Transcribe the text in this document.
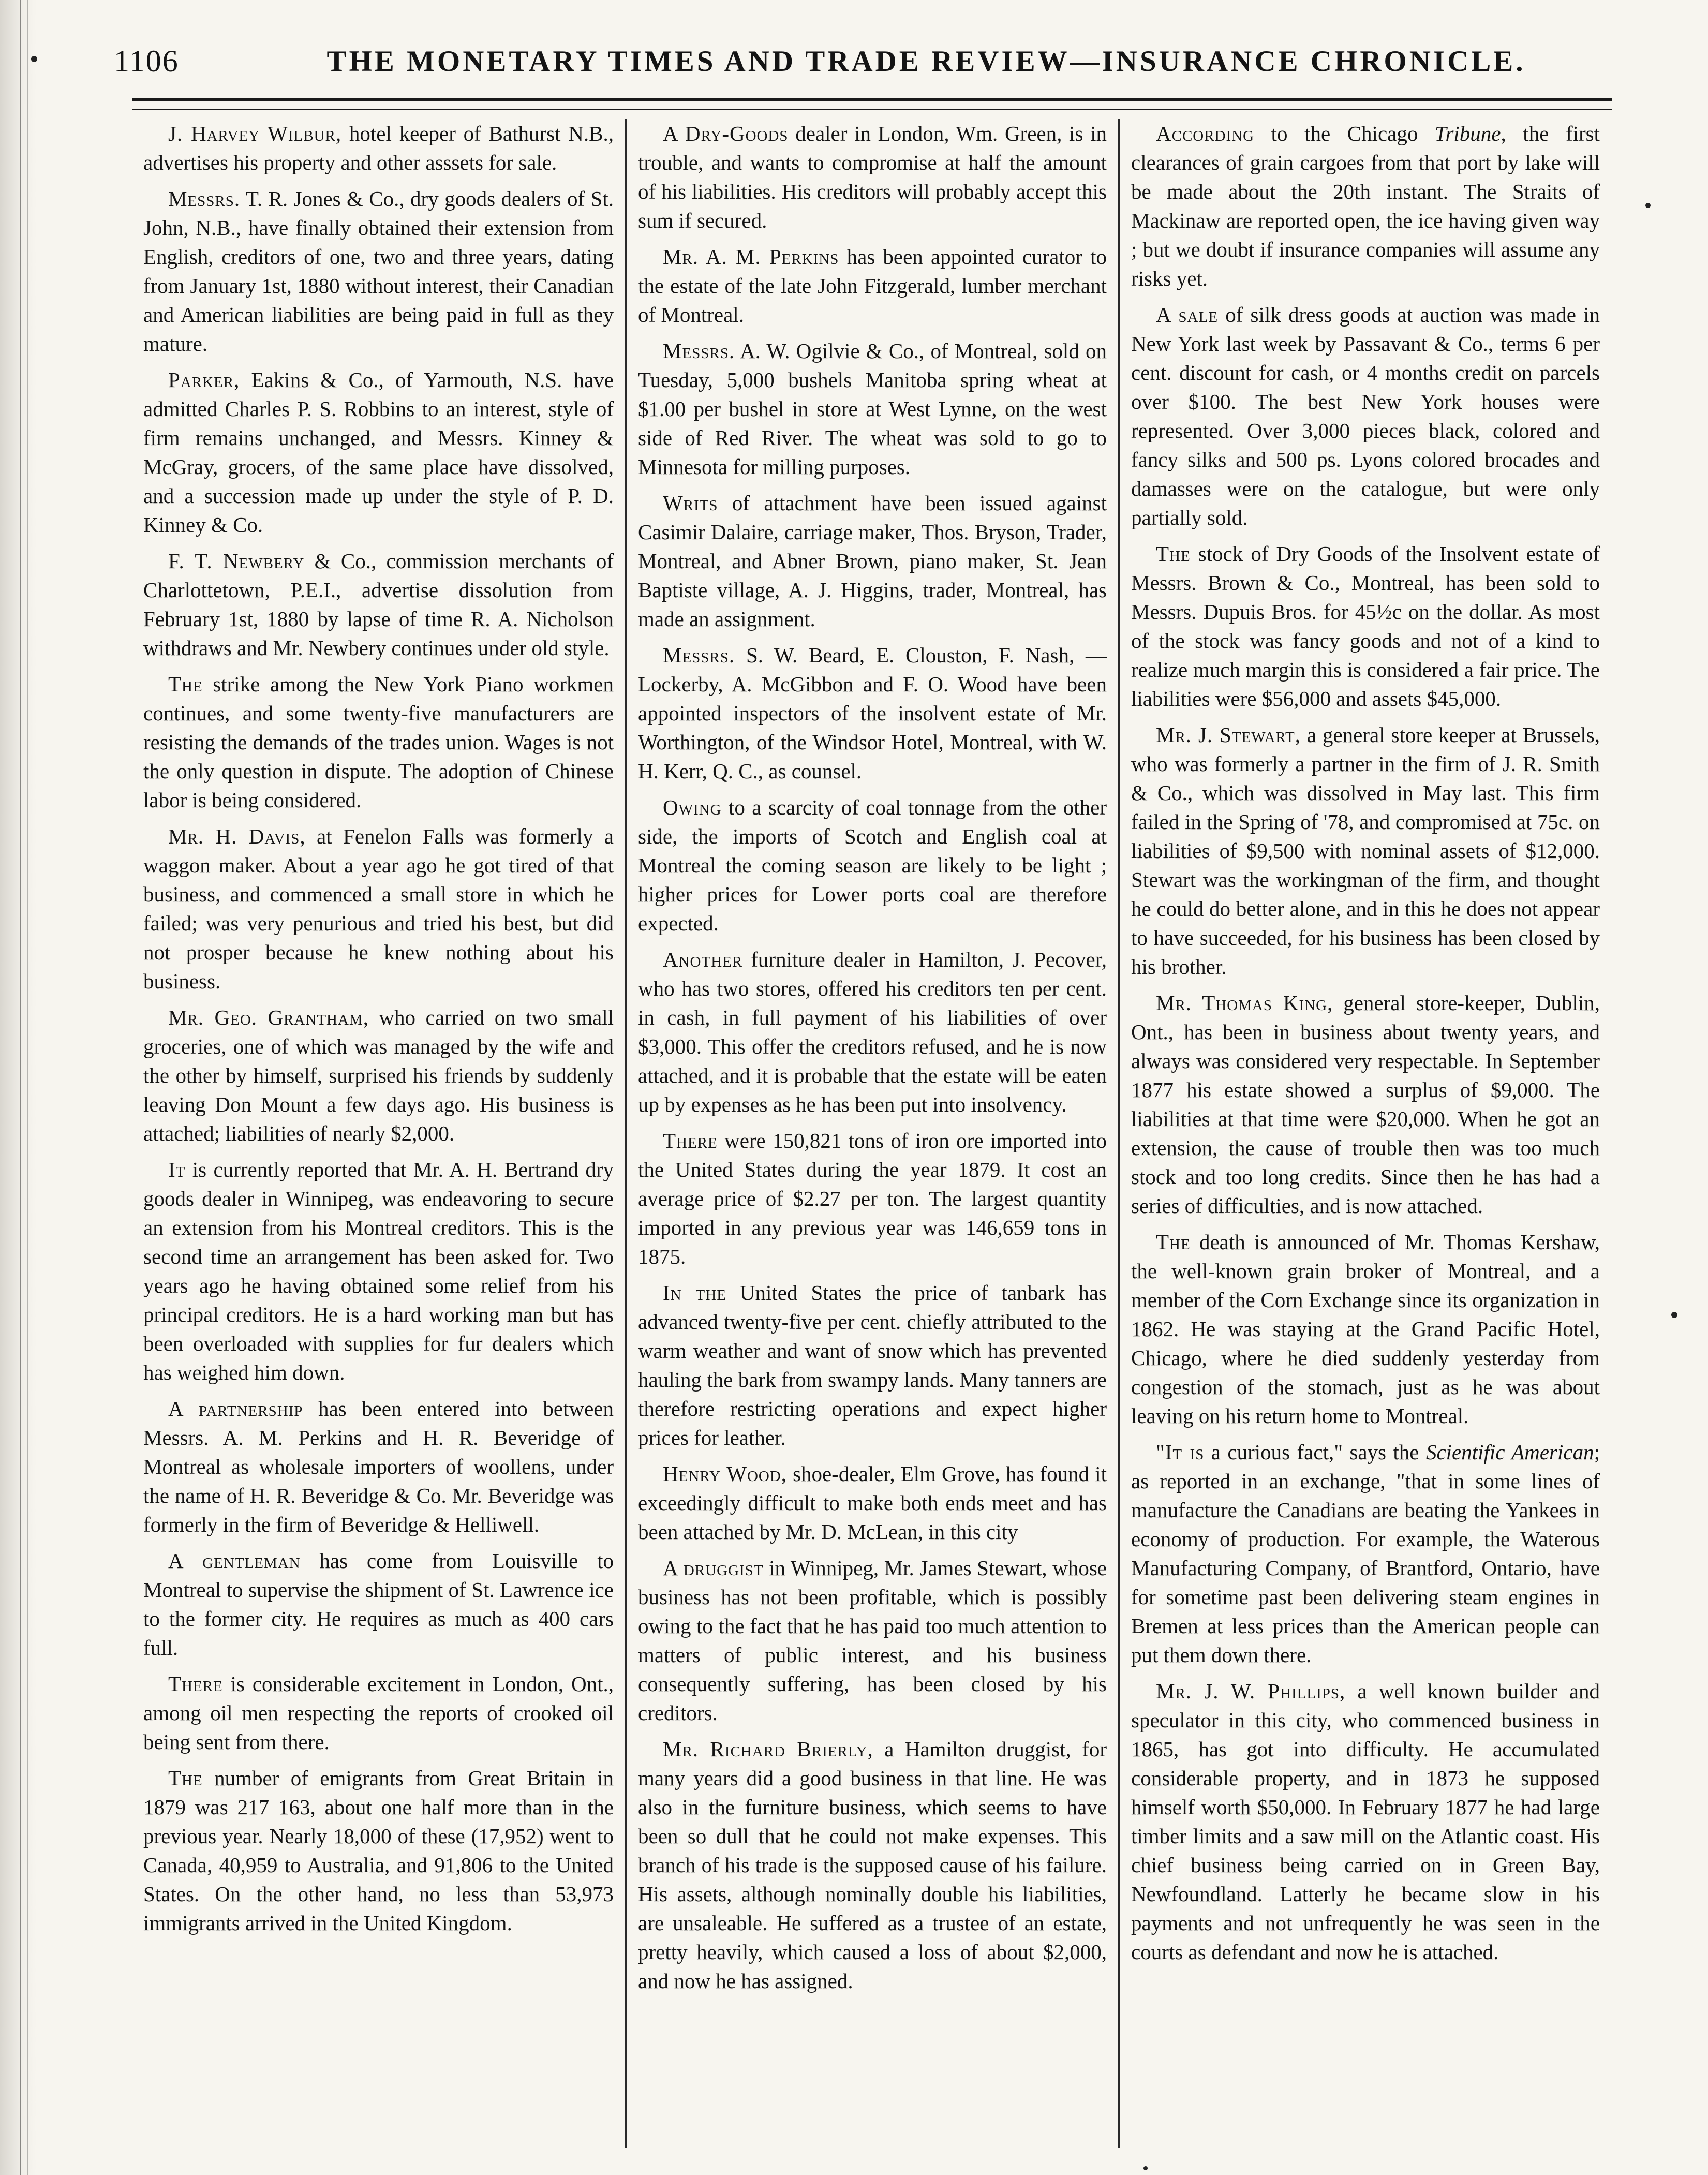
1106	THE MONETARY TIMES AND TRADE REVIEW—INSURANCE CHRONICLE.

J. Harvey Wilbur, hotel keeper of Bathurst N.B., advertises his property and other asssets for sale.

Messrs. T. R. Jones & Co., dry goods dealers of St. John, N.B., have finally obtained their extension from English, creditors of one, two and three years, dating from January 1st, 1880 without interest, their Canadian and American liabilities are being paid in full as they mature.

Parker, Eakins & Co., of Yarmouth, N.S. have admitted Charles P. S. Robbins to an interest, style of firm remains unchanged, and Messrs. Kinney & McGray, grocers, of the same place have dissolved, and a succession made up under the style of P. D. Kinney & Co.

F. T. Newbery & Co., commission merchants of Charlottetown, P.E.I., advertise dissolution from February 1st, 1880 by lapse of time R. A. Nicholson withdraws and Mr. Newbery continues under old style.

The strike among the New York Piano workmen continues, and some twenty-five manufacturers are resisting the demands of the trades union. Wages is not the only question in dispute. The adoption of Chinese labor is being considered.

Mr. H. Davis, at Fenelon Falls was formerly a waggon maker. About a year ago he got tired of that business, and commenced a small store in which he failed; was very penurious and tried his best, but did not prosper because he knew nothing about his business.

Mr. Geo. Grantham, who carried on two small groceries, one of which was managed by the wife and the other by himself, surprised his friends by suddenly leaving Don Mount a few days ago. His business is attached; liabilities of nearly $2,000.

It is currently reported that Mr. A. H. Bertrand dry goods dealer in Winnipeg, was endeavoring to secure an extension from his Montreal creditors. This is the second time an arrangement has been asked for. Two years ago he having obtained some relief from his principal creditors. He is a hard working man but has been overloaded with supplies for fur dealers which has weighed him down.

A partnership has been entered into between Messrs. A. M. Perkins and H. R. Beveridge of Montreal as wholesale importers of woollens, under the name of H. R. Beveridge & Co. Mr. Beveridge was formerly in the firm of Beveridge & Helliwell.

A gentleman has come from Louisville to Montreal to supervise the shipment of St. Lawrence ice to the former city. He requires as much as 400 cars full.

There is considerable excitement in London, Ont., among oil men respecting the reports of crooked oil being sent from there.

The number of emigrants from Great Britain in 1879 was 217 163, about one half more than in the previous year. Nearly 18,000 of these (17,952) went to Canada, 40,959 to Australia, and 91,806 to the United States. On the other hand, no less than 53,973 immigrants arrived in the United Kingdom.

A Dry-Goods dealer in London, Wm. Green, is in trouble, and wants to compromise at half the amount of his liabilities. His creditors will probably accept this sum if secured.

Mr. A. M. Perkins has been appointed curator to the estate of the late John Fitzgerald, lumber merchant of Montreal.

Messrs. A. W. Ogilvie & Co., of Montreal, sold on Tuesday, 5,000 bushels Manitoba spring wheat at $1.00 per bushel in store at West Lynne, on the west side of Red River. The wheat was sold to go to Minnesota for milling purposes.

Writs of attachment have been issued against Casimir Dalaire, carriage maker, Thos. Bryson, Trader, Montreal, and Abner Brown, piano maker, St. Jean Baptiste village, A. J. Higgins, trader, Montreal, has made an assignment.

Messrs. S. W. Beard, E. Clouston, F. Nash, —Lockerby, A. McGibbon and F. O. Wood have been appointed inspectors of the insolvent estate of Mr. Worthington, of the Windsor Hotel, Montreal, with W. H. Kerr, Q. C., as counsel.

Owing to a scarcity of coal tonnage from the other side, the imports of Scotch and English coal at Montreal the coming season are likely to be light ; higher prices for Lower ports coal are therefore expected.

Another furniture dealer in Hamilton, J. Pecover, who has two stores, offered his creditors ten per cent. in cash, in full payment of his liabilities of over $3,000. This offer the creditors refused, and he is now attached, and it is probable that the estate will be eaten up by expenses as he has been put into insolvency.

There were 150,821 tons of iron ore imported into the United States during the year 1879. It cost an average price of $2.27 per ton. The largest quantity imported in any previous year was 146,659 tons in 1875.

In the United States the price of tanbark has advanced twenty-five per cent. chiefly attributed to the warm weather and want of snow which has prevented hauling the bark from swampy lands. Many tanners are therefore restricting operations and expect higher prices for leather.

Henry Wood, shoe-dealer, Elm Grove, has found it exceedingly difficult to make both ends meet and has been attached by Mr. D. McLean, in this city

A druggist in Winnipeg, Mr. James Stewart, whose business has not been profitable, which is possibly owing to the fact that he has paid too much attention to matters of public interest, and his business consequently suffering, has been closed by his creditors.

Mr. Richard Brierly, a Hamilton druggist, for many years did a good business in that line. He was also in the furniture business, which seems to have been so dull that he could not make expenses. This branch of his trade is the supposed cause of his failure. His assets, although nominally double his liabilities, are unsaleable. He suffered as a trustee of an estate, pretty heavily, which caused a loss of about $2,000, and now he has assigned.

According to the Chicago Tribune, the first clearances of grain cargoes from that port by lake will be made about the 20th instant. The Straits of Mackinaw are reported open, the ice having given way ; but we doubt if insurance companies will assume any risks yet.

A sale of silk dress goods at auction was made in New York last week by Passavant & Co., terms 6 per cent. discount for cash, or 4 months credit on parcels over $100. The best New York houses were represented. Over 3,000 pieces black, colored and fancy silks and 500 ps. Lyons colored brocades and damasses were on the catalogue, but were only partially sold.

The stock of Dry Goods of the Insolvent estate of Messrs. Brown & Co., Montreal, has been sold to Messrs. Dupuis Bros. for 45½c on the dollar. As most of the stock was fancy goods and not of a kind to realize much margin this is considered a fair price. The liabilities were $56,000 and assets $45,000.

Mr. J. Stewart, a general store keeper at Brussels, who was formerly a partner in the firm of J. R. Smith & Co., which was dissolved in May last. This firm failed in the Spring of '78, and compromised at 75c. on liabilities of $9,500 with nominal assets of $12,000. Stewart was the workingman of the firm, and thought he could do better alone, and in this he does not appear to have succeeded, for his business has been closed by his brother.

Mr. Thomas King, general store-keeper, Dublin, Ont., has been in business about twenty years, and always was considered very respectable. In September 1877 his estate showed a surplus of $9,000. The liabilities at that time were $20,000. When he got an extension, the cause of trouble then was too much stock and too long credits. Since then he has had a series of difficulties, and is now attached.

The death is announced of Mr. Thomas Kershaw, the well-known grain broker of Montreal, and a member of the Corn Exchange since its organization in 1862. He was staying at the Grand Pacific Hotel, Chicago, where he died suddenly yesterday from congestion of the stomach, just as he was about leaving on his return home to Montreal.

"It is a curious fact," says the Scientific American; as reported in an exchange, "that in some lines of manufacture the Canadians are beating the Yankees in economy of production. For example, the Waterous Manufacturing Company, of Brantford, Ontario, have for sometime past been delivering steam engines in Bremen at less prices than the American people can put them down there.

Mr. J. W. Phillips, a well known builder and speculator in this city, who commenced business in 1865, has got into difficulty. He accumulated considerable property, and in 1873 he supposed himself worth $50,000. In February 1877 he had large timber limits and a saw mill on the Atlantic coast. His chief business being carried on in Green Bay, Newfoundland. Latterly he became slow in his payments and not unfrequently he was seen in the courts as defendant and now he is attached.
